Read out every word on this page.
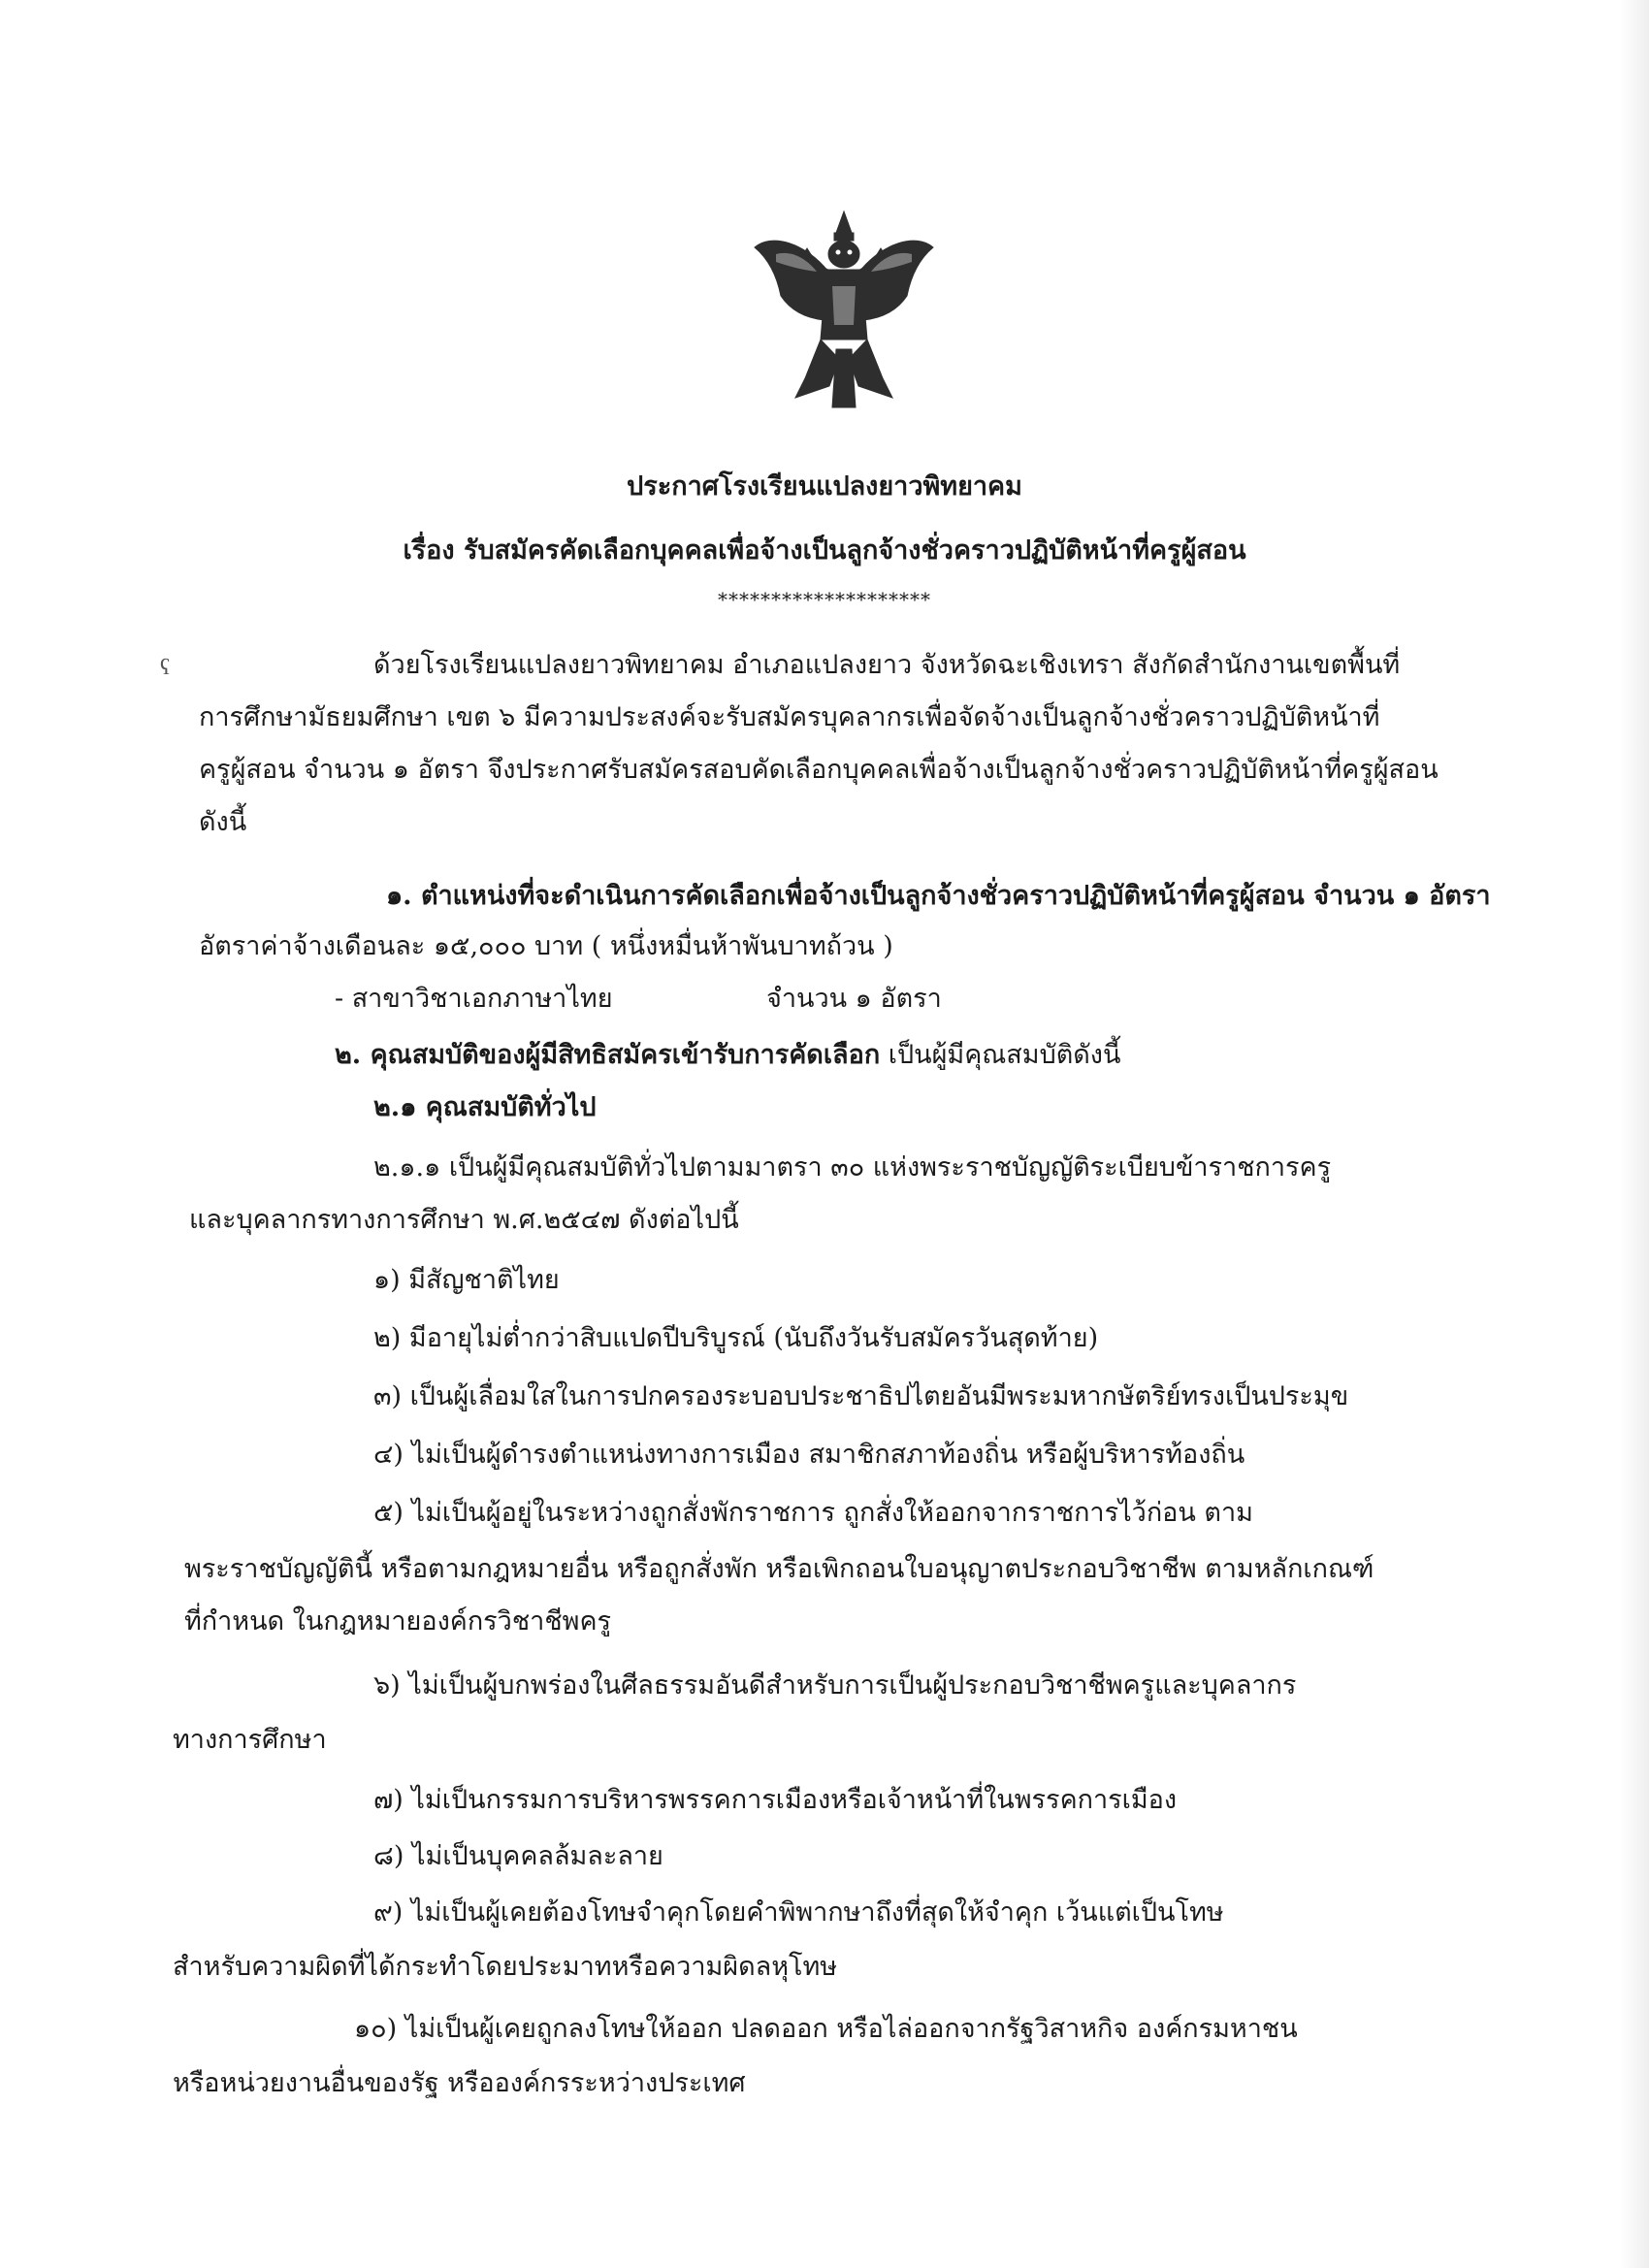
ҁ
ประกาศโรงเรียนแปลงยาวพิทยาคม
เรื่อง รับสมัครคัดเลือกบุคคลเพื่อจ้างเป็นลูกจ้างชั่วคราวปฏิบัติหน้าที่ครูผู้สอน
********************
ด้วยโรงเรียนแปลงยาวพิทยาคม อำเภอแปลงยาว จังหวัดฉะเชิงเทรา สังกัดสำนักงานเขตพื้นที่
การศึกษามัธยมศึกษา เขต ๖ มีความประสงค์จะรับสมัครบุคลากรเพื่อจัดจ้างเป็นลูกจ้างชั่วคราวปฏิบัติหน้าที่
ครูผู้สอน จำนวน ๑ อัตรา จึงประกาศรับสมัครสอบคัดเลือกบุคคลเพื่อจ้างเป็นลูกจ้างชั่วคราวปฏิบัติหน้าที่ครูผู้สอน
ดังนี้
๑. ตำแหน่งที่จะดำเนินการคัดเลือกเพื่อจ้างเป็นลูกจ้างชั่วคราวปฏิบัติหน้าที่ครูผู้สอน จำนวน ๑ อัตรา
อัตราค่าจ้างเดือนละ ๑๕,๐๐๐ บาท ( หนึ่งหมื่นห้าพันบาทถ้วน )
- สาขาวิชาเอกภาษาไทย	จำนวน ๑ อัตรา
๒. คุณสมบัติของผู้มีสิทธิสมัครเข้ารับการคัดเลือก เป็นผู้มีคุณสมบัติดังนี้
๒.๑ คุณสมบัติทั่วไป
๒.๑.๑ เป็นผู้มีคุณสมบัติทั่วไปตามมาตรา ๓๐ แห่งพระราชบัญญัติระเบียบข้าราชการครู
และบุคลากรทางการศึกษา พ.ศ.๒๕๔๗ ดังต่อไปนี้
๑) มีสัญชาติไทย
๒) มีอายุไม่ต่ำกว่าสิบแปดปีบริบูรณ์ (นับถึงวันรับสมัครวันสุดท้าย)
๓) เป็นผู้เลื่อมใสในการปกครองระบอบประชาธิปไตยอันมีพระมหากษัตริย์ทรงเป็นประมุข
๔) ไม่เป็นผู้ดำรงตำแหน่งทางการเมือง สมาชิกสภาท้องถิ่น หรือผู้บริหารท้องถิ่น
๕) ไม่เป็นผู้อยู่ในระหว่างถูกสั่งพักราชการ ถูกสั่งให้ออกจากราชการไว้ก่อน ตาม
พระราชบัญญัตินี้ หรือตามกฎหมายอื่น หรือถูกสั่งพัก หรือเพิกถอนใบอนุญาตประกอบวิชาชีพ ตามหลักเกณฑ์
ที่กำหนด ในกฎหมายองค์กรวิชาชีพครู
๖) ไม่เป็นผู้บกพร่องในศีลธรรมอันดีสำหรับการเป็นผู้ประกอบวิชาชีพครูและบุคลากร
ทางการศึกษา
๗) ไม่เป็นกรรมการบริหารพรรคการเมืองหรือเจ้าหน้าที่ในพรรคการเมือง
๘) ไม่เป็นบุคคลล้มละลาย
๙) ไม่เป็นผู้เคยต้องโทษจำคุกโดยคำพิพากษาถึงที่สุดให้จำคุก เว้นแต่เป็นโทษ
สำหรับความผิดที่ได้กระทำโดยประมาทหรือความผิดลหุโทษ
๑๐) ไม่เป็นผู้เคยถูกลงโทษให้ออก ปลดออก หรือไล่ออกจากรัฐวิสาหกิจ องค์กรมหาชน
หรือหน่วยงานอื่นของรัฐ หรือองค์กรระหว่างประเทศ
